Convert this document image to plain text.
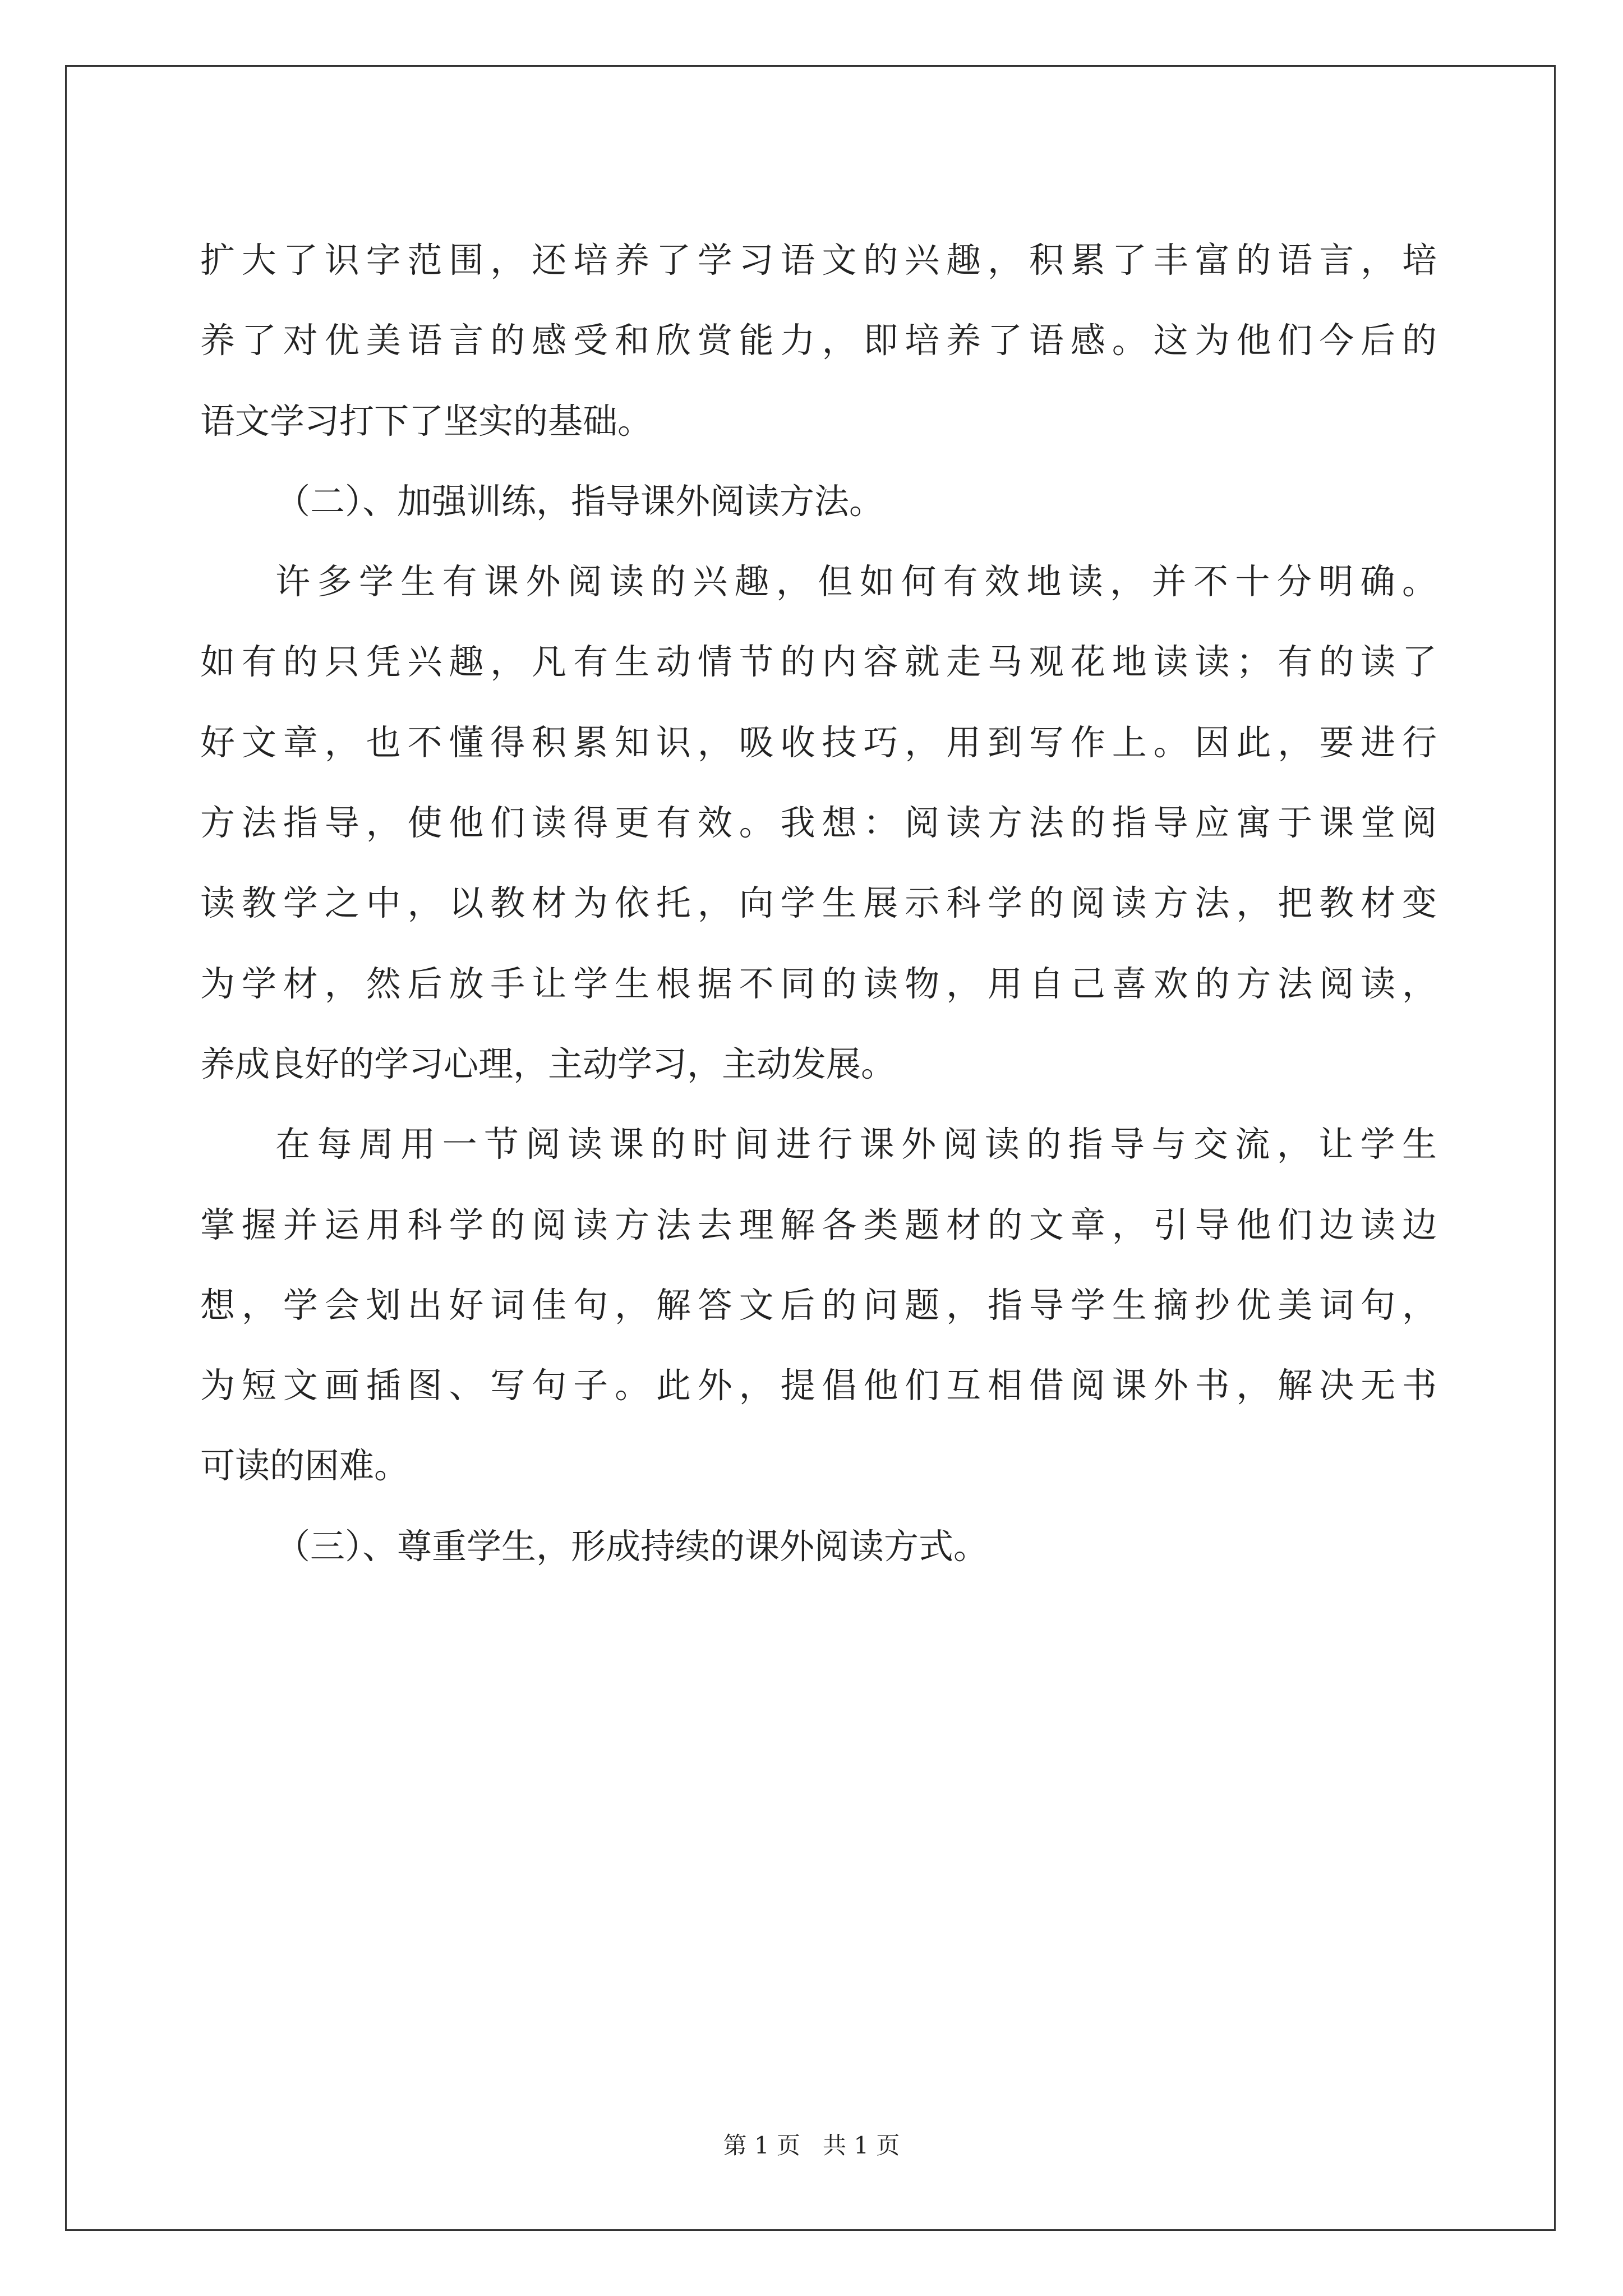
扩大了识字范围，还培养了学习语文的兴趣，积累了丰富的语言，培
养了对优美语言的感受和欣赏能力，即培养了语感。这为他们今后的
语文学习打下了坚实的基础。
（二）、加强训练，指导课外阅读方法。
许多学生有课外阅读的兴趣，但如何有效地读，并不十分明确。
如有的只凭兴趣，凡有生动情节的内容就走马观花地读读；有的读了
好文章，也不懂得积累知识，吸收技巧，用到写作上。因此，要进行
方法指导，使他们读得更有效。我想：阅读方法的指导应寓于课堂阅
读教学之中，以教材为依托，向学生展示科学的阅读方法，把教材变
为学材，然后放手让学生根据不同的读物，用自己喜欢的方法阅读，
养成良好的学习心理，主动学习，主动发展。
在每周用一节阅读课的时间进行课外阅读的指导与交流，让学生
掌握并运用科学的阅读方法去理解各类题材的文章，引导他们边读边
想，学会划出好词佳句，解答文后的问题，指导学生摘抄优美词句，
为短文画插图、写句子。此外，提倡他们互相借阅课外书，解决无书
可读的困难。
（三）、尊重学生，形成持续的课外阅读方式。
第 1 页 共 1 页
